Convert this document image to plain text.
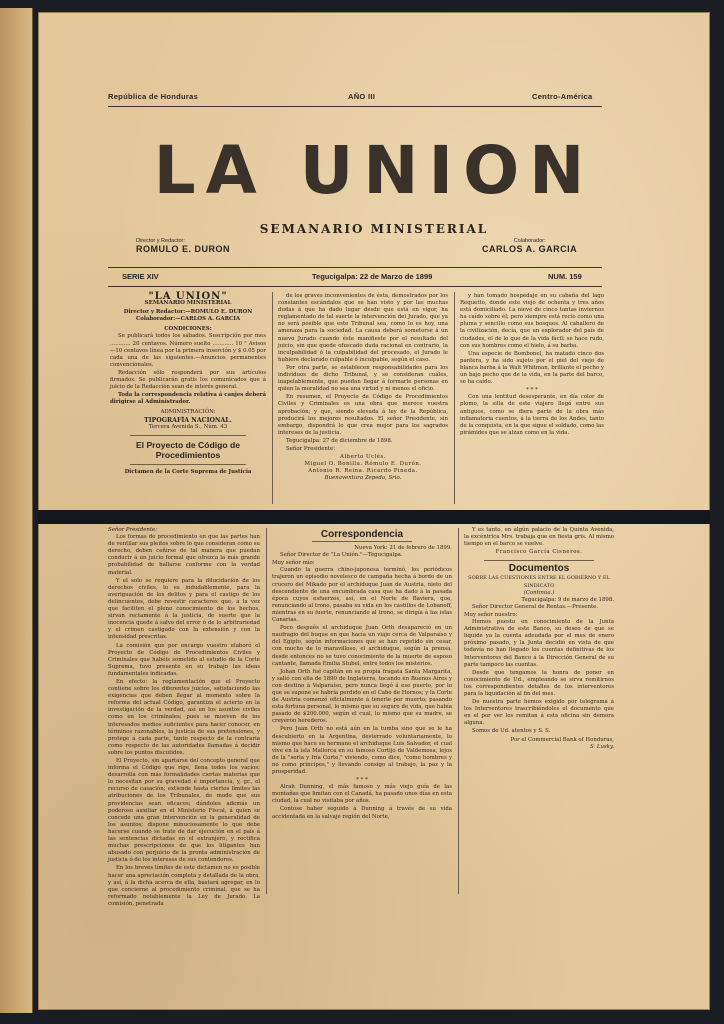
República de Honduras	AÑO III	Centro-América
LA UNION
SEMANARIO MINISTERIAL
Director y Redactor:
ROMULO E. DURON
Colaborador:
CARLOS A. GARCIA
SERIE XIV	Tegucigalpa: 22 de Marzo de 1899	NUM. 159
"LA UNION"
SEMANARIO MINISTERIAL
Director y Redactor:—ROMULO E. DURON
Colaborador:—CARLOS A. GARCIA
CONDICIONES:

Se publicará todos los sábados. Suscripción por mes ............ 20 centavos. Número suelto ............ 10 " Avisos—10 centavos línea por la primera inserción y $ 0.05 por cada una de las siguientes.—Anuncios permanentes convencionales.

Redacción sólo responderá por sus artículos firmados. Se publicarán gratis los comunicados que á juicio de la Redacción sean de interés general.

Toda la correspondencia relativa á canjes deberá dirigirse al Administrador.

ADMINISTRACIÓN:
TIPOGRAFÍA NACIONAL.
Tercera Avenida S., Núm. 43
El Proyecto de Código de Procedimientos
Dictamen de la Corte Suprema de Justicia

de los graves inconvenientes de ésta, demostrados por los constantes escándalos que se han visto y por las muchas dudas á que ha dado lugar desde que está en vigor, ha reglamentado de tal suerte la intervención del Jurado, que ya no será posible que este Tribunal sea, como lo es hoy, una amenaza para la sociedad. La causa deberá someterse á un nuevo Jurado cuando éste manifieste por el resultado del juicio, sin que quede ofuscado duda racional en contrario, la inculpabilidad ó la culpabilidad del procesado, el Jurado le hubiere declarado culpable ó inculpable, según el caso.

Por otra parte, se establecen responsabilidades para los individuos de dicho Tribunal, y se consideran cuáles, inapelablemente, que puedan llegar á formarle personas en quien la moralidad no sea una virtud y ni menos el oficio.

En resumen, el Proyecto de Código de Procedimientos Civiles y Criminales es una obra que merece vuestra aprobación; y que, siendo elevada á ley de la República, producirá los mejores resultados. El señor Presidente, sin embargo, dispondrá lo que crea mejor para los sagrados intereses de la justicia.

Tegucigalpa: 27 de diciembre de 1898.

Señor Presidente:

Alberto Uclés.
Miguel O. Bonilla. Rómulo E. Durón.
Antonio R. Reina. Ricardo Pineda.
Buenaventura Zepeda, Srio.

y han tomado hospedaje en su cabaña del lago Requetto, donde este viejo de ochenta y tres años está domiciliado. La nieve de cinco tantas inviernos ha caído sobre él; pero siempre está recio como una pluma y sencillo como sus bosques. Al caballero de la civilización, decía, que un explorador del país de ciudades, el de lo que de la vida fácil; se hace rudo, con sus hombres como el hielo, á su barba.

Una especie de Bombonel, ha matado cinco dos pantera, y ha sido sujeto por el piel del viejo de blanca barba á la Walt Whitman, brillante el pecho y un bajo pecho que de la vida, en la parte del barco, se ha caído.

* * *

Con una lentitud desesperante, en día color de plomo, la silla de este viajero llegó entre sus antiguos, como se diera parte de la obra más inflamatoria cuentos, á la tierra de los Andes, tanto de la conquista, en la que sigue el soldado, como las pirámides que se alzan como en la vida.

Señor Presidente:

Los formas de procedimiento en que las partes han de ventilar sus pleitos sobre lo que consideran como su derecho, deben ceñirse de tal manera que puedan conducir á un juicio formal que ofrezca la más grande probabilidad de hallarse conforme con la verdad material.

Y el solo se requiere para la dilucidación de los derechos civiles, lo es indudablemente, para la averiguación de los delitos y para el castigo de los delincuentes, debe revestir caracteres que, á la vez que faciliten el pleno conocimiento de los hechos, sirvan rectamente á la justicia, de suerte que la inocencia quede á salvo del error ó de lo arbitrariedad y el crimen castigado con la extensión y con la intensidad prescritas.

La comisión que por encargo vuestro elaboró el Proyecto de Código de Procedimientos Civiles y Criminales que habéis sometido al estudio de la Corte Suprema, tuvo presente en su trabajo las ideas fundamentales indicadas.

En efecto: la reglamentación que el Proyecto contiene sobre los diferentes juicios, satisfaciendo las exigencias que deben llegar al momento sobre la reforma del actual Código, garantiza el acierto en la investigación de la verdad, así en los asuntos civiles como en los criminales; pues se mueven de los interesados medios suficientes para hacer conocer, en términos razonables, la justicia de sus pretensiones, y protege á cada parte, tanto respecto de la contraria como respecto de las autoridades llamadas á decidir sobre los puntos discutidos.

El Proyecto, sin apartarse del concepto general que informa el Código que rige, llena todos los vacíos; desarrolla con más formalidades ciertas materias que lo necesitan por su gravedad é importancia, y, gr., el recurso de casación; extiende hasta ciertos límites las atribuciones de los Tribunales, de modo que sus providencias sean eficaces; dándoles además un poderoso auxiliar en el Ministerio Fiscal, á quien se concede una gran intervención en la generalidad de los asuntos; dispone minuciosamente lo que debe hacerse cuando se trate de dar ejecución en el país á las sentencias dictadas en el extranjero, y rectifica muchas prescripciones de que los litigantes han abusado con perjuicio de la pronta administración de justicia ó de los intereses de sus contendores.

En los breves límites de este dictamen no es posible hacer una apreciación completa y detallada de la obra, y así, á la dicha acerca de ella, bastará agregar, en lo que concierne al procedimiento criminal, que se ha reformado notablemente la Ley de Jurado. La comisión, penetrada

Correspondencia
Nueva York: 21 de febrero de 1899.

Señor Director de "La Unión."—Tegucigalpa.

Muy señor mío:

Cuando la guerra chino-japonesa terminó, los periódicos trajeron un episodio novelesco de campaña hecha á bordo de un crucero del Mikado por el archiduque Juan de Austria, nieto del descendiente de una encumbrada casa que ha dado á la pasada época cuyos esfuerzos, así, en el Norte de Baviera, que, renunciando al trono, pasaba su vida en los castillos de Lobanoff, mientras en su fuerte, renunciando al trono, se dirigía á las islas Canarias.

Poco después el archiduque Juan Orth desapareció en un naufragio del buque en que hacía un viaje cerca de Valparaíso y del Egipto, según informaciones que se han repetido sin cesar, con mucho de lo maravilloso, el archiduque, según la prensa, desde entonces no se tuvo conocimiento de la muerte de esposo cantante, llamada Emilia Stubel, entre todos los misterios.

Johan Orth fué capitán en su propia fragata Santa Margarita, y salió con ella de 1890 de Inglaterra, tocando en Buenos Aires y con destino á Valparaíso, pero nunca llegó á ese puerto, por lo que se supone se habría perdido en el Cabo de Hornos; y la Corte de Austria comenzó oficialmente á tenerle por muerto; pasando esta fortuna personal, lo mismo que su seguro de vida, que había pasado de $200.000, según el cual, lo mismo que su madre, se creyeron herederos.

Pero Juan Orth no está aún en la tumba sino que se le ha descubierto en la Argentina, desterrado voluntariamente, lo mismo que hace su hermano el archiduque Luis Salvador, el cual vive en la isla Mallorca en su famoso Cortijo de Valdemosa, lejos de la "seria y fría Corte," viviendo, como dice, "como hombres y no como príncipes," y llevando consigo al trabajo, la paz y la prosperidad.

* * *

Alrah Dunning, el más famoso y más viejo guía de las montañas que limitan con el Canadá, ha pasado unos días en esta ciudad, la cual no visitaba por años.

Contose haber seguido á Dunning á través de su vida accidentada en la salvaje región del Norte,

Y es tanto, en algún palacio de la Quinta Avenida, la excéntrica Mrs. trabaja que en fiesta gris. Al mismo tiempo en el barco se vuelve.

Francisco García Cisneros.
Documentos
SOBRE LAS CUESTIONES ENTRE EL GOBIERNO Y EL SINDICATO
(Continúa.)
Tegucigalpa: 9 de marzo de 1898.

Señor Director General de Rentas.—Presente.

Muy señor nuestro:

Hemos puesto en conocimiento de la Junta Administrativa de este Banco, su deseo de que se liquide ya la cuenta adeudada por el mes de enero próximo pasado, y la Junta decidió en vista de que todavía no han llegado los cuentas definitivas de los Interventores del Banco á la Dirección General de su parte tampoco las cuentas.

Desde que tengamos la honra de poner en conocimiento de Ud., empleando se sirva remitirnos los correspondientes detalles de los interventores para la liquidación al fin del mes.

De nuestra parte hemos exigido por telegrama á los Interventores trascribiéndoles el documento que en el por ver los remitan á esta oficina sin demora alguna.

Somos de Ud. atentos y S. S.

Por el Commercial Bank of Honduras,
S. Lusky.
